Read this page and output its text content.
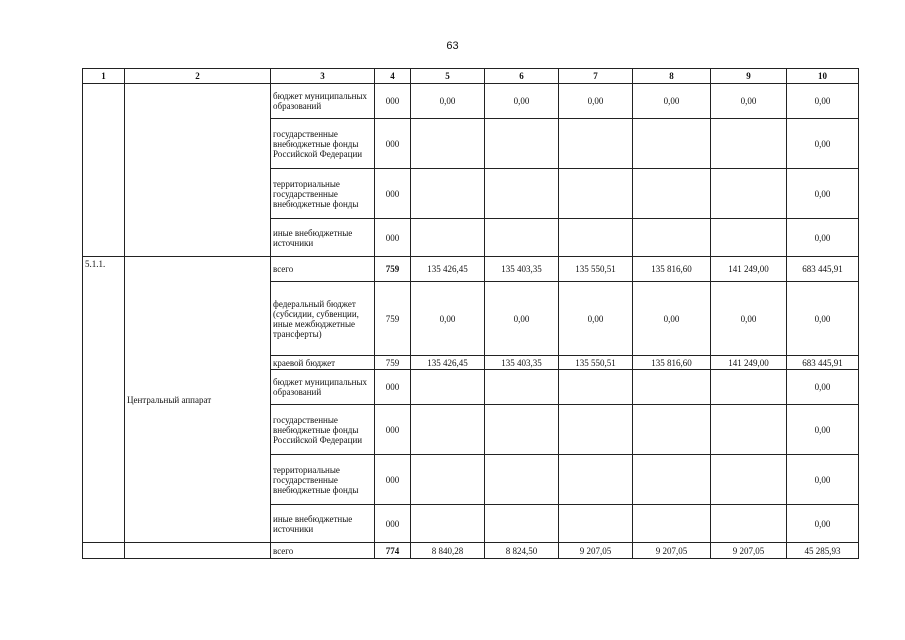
63
1	2	3	4	5	6	7	8	9	10
		бюджет муниципальных образований	000	0,00	0,00	0,00	0,00	0,00	0,00
		государственные внебюджетные фонды Российской Федерации	000						0,00
		территориальные государственные внебюджетные фонды	000						0,00
		иные внебюджетные источники	000						0,00
5.1.1.	Центральный аппарат	всего	759	135 426,45	135 403,35	135 550,51	135 816,60	141 249,00	683 445,91
		федеральный бюджет (субсидии, субвенции, иные межбюджетные трансферты)	759	0,00	0,00	0,00	0,00	0,00	0,00
		краевой бюджет	759	135 426,45	135 403,35	135 550,51	135 816,60	141 249,00	683 445,91
		бюджет муниципальных образований	000						0,00
		государственные внебюджетные фонды Российской Федерации	000						0,00
		территориальные государственные внебюджетные фонды	000						0,00
		иные внебюджетные источники	000						0,00
		всего	774	8 840,28	8 824,50	9 207,05	9 207,05	9 207,05	45 285,93
